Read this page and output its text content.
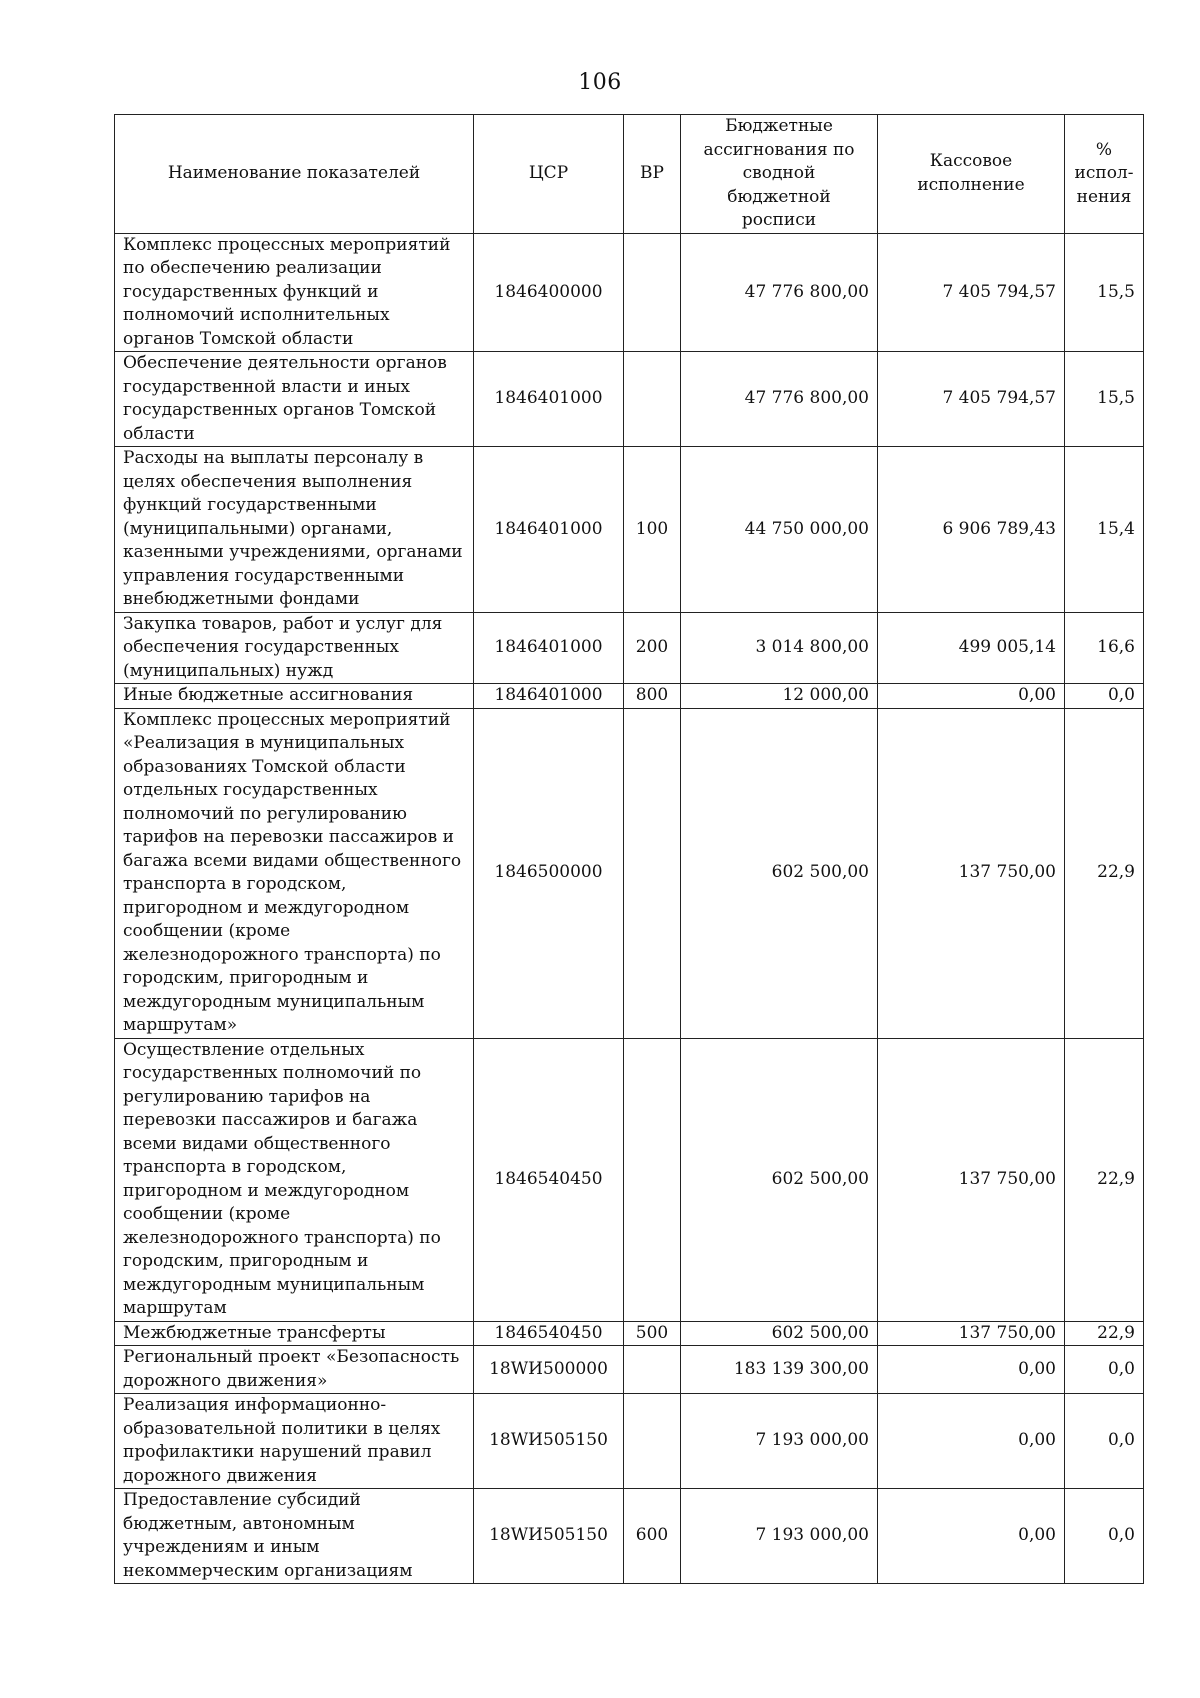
106
Наименование показателей	ЦСР	ВР	Бюджетные ассигнования по сводной бюджетной росписи	Кассовое исполнение	% испол-нения
Комплекс процессных мероприятий по обеспечению реализации государственных функций и полномочий исполнительных органов Томской области	1846400000		47 776 800,00	7 405 794,57	15,5
Обеспечение деятельности органов государственной власти и иных государственных органов Томской области	1846401000		47 776 800,00	7 405 794,57	15,5
Расходы на выплаты персоналу в целях обеспечения выполнения функций государственными (муниципальными) органами, казенными учреждениями, органами управления государственными внебюджетными фондами	1846401000	100	44 750 000,00	6 906 789,43	15,4
Закупка товаров, работ и услуг для обеспечения государственных (муниципальных) нужд	1846401000	200	3 014 800,00	499 005,14	16,6
Иные бюджетные ассигнования	1846401000	800	12 000,00	0,00	0,0
Комплекс процессных мероприятий «Реализация в муниципальных образованиях Томской области отдельных государственных полномочий по регулированию тарифов на перевозки пассажиров и багажа всеми видами общественного транспорта в городском, пригородном и междугородном сообщении (кроме железнодорожного транспорта) по городским, пригородным и междугородным муниципальным маршрутам»	1846500000		602 500,00	137 750,00	22,9
Осуществление отдельных государственных полномочий по регулированию тарифов на перевозки пассажиров и багажа всеми видами общественного транспорта в городском, пригородном и междугородном сообщении (кроме железнодорожного транспорта) по городским, пригородным и междугородным муниципальным маршрутам	1846540450		602 500,00	137 750,00	22,9
Межбюджетные трансферты	1846540450	500	602 500,00	137 750,00	22,9
Региональный проект «Безопасность дорожного движения»	18WИ500000		183 139 300,00	0,00	0,0
Реализация информационно-образовательной политики в целях профилактики нарушений правил дорожного движения	18WИ505150		7 193 000,00	0,00	0,0
Предоставление субсидий бюджетным, автономным учреждениям и иным некоммерческим организациям	18WИ505150	600	7 193 000,00	0,00	0,0
